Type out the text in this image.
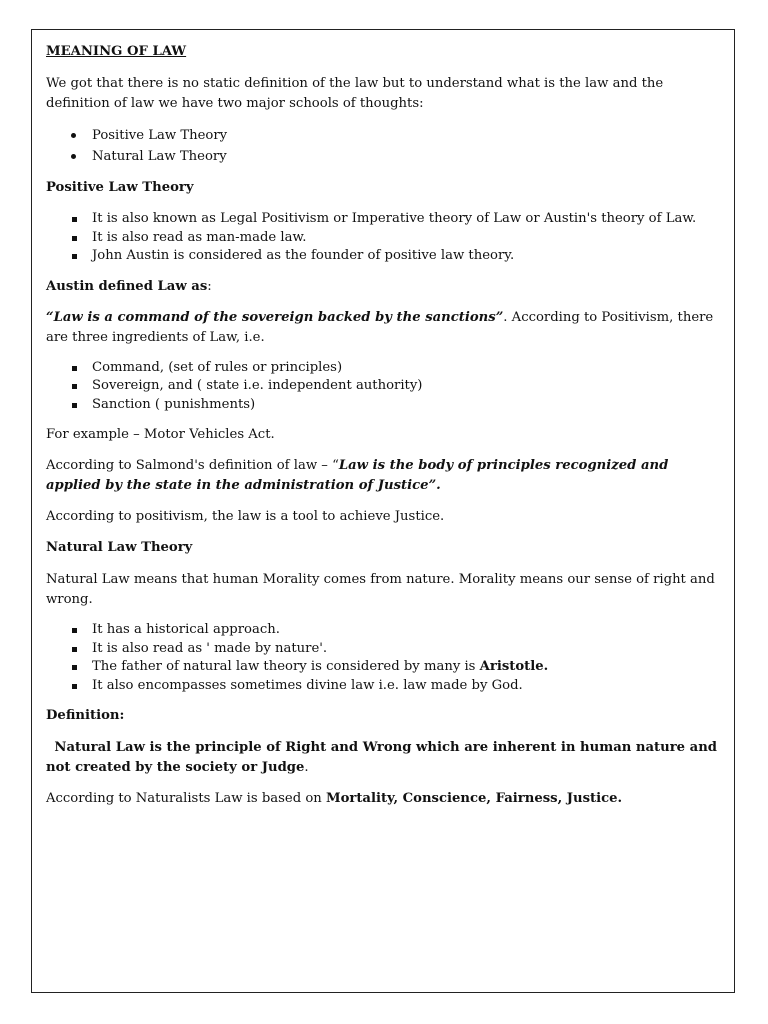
MEANING OF LAW

We got that there is no static definition of the law but to understand what is the law and the definition of law we have two major schools of thoughts:

Positive Law Theory
Natural Law Theory

Positive Law Theory

It is also known as Legal Positivism or Imperative theory of Law or Austin's theory of Law.
It is also read as man-made law.
John Austin is considered as the founder of positive law theory.

Austin defined Law as:

“Law is a command of the sovereign backed by the sanctions”. According to Positivism, there are three ingredients of Law, i.e.

Command, (set of rules or principles)
Sovereign, and ( state i.e. independent authority)
Sanction ( punishments)

For example – Motor Vehicles Act.

According to Salmond's definition of law – “Law is the body of principles recognized and applied by the state in the administration of Justice”.

According to positivism, the law is a tool to achieve Justice.

Natural Law Theory

Natural Law means that human Morality comes from nature. Morality means our sense of right and wrong.

It has a historical approach.
It is also read as ' made by nature'.
The father of natural law theory is considered by many is Aristotle.
It also encompasses sometimes divine law i.e. law made by God.

Definition:

Natural Law is the principle of Right and Wrong which are inherent in human nature and not created by the society or Judge.

According to Naturalists Law is based on Mortality, Conscience, Fairness, Justice.
